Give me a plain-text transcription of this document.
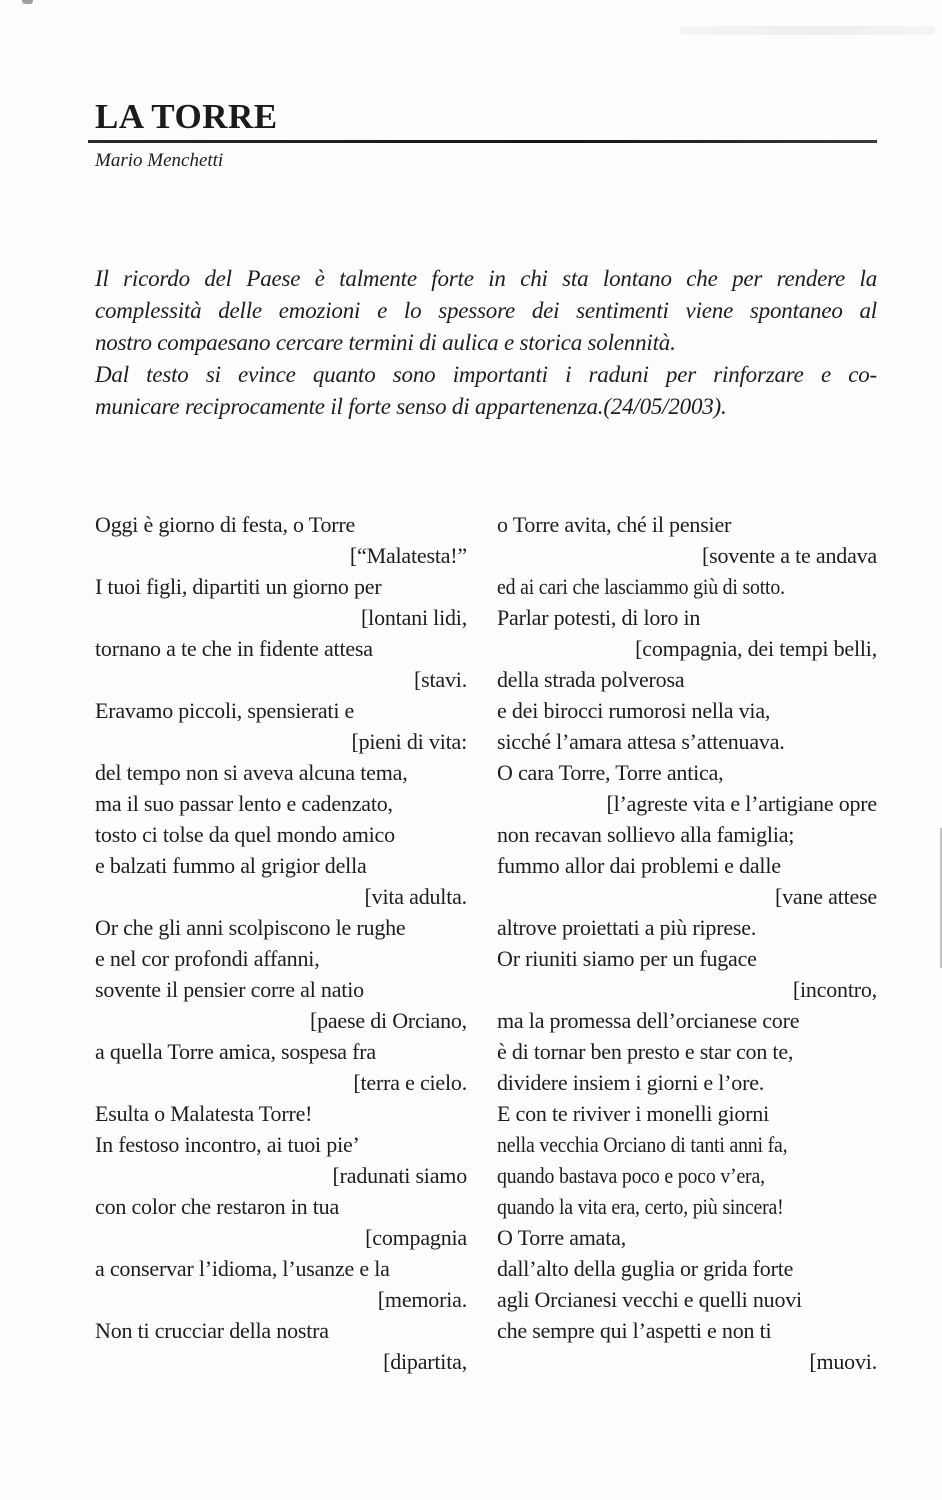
LA TORRE
Mario Menchetti
Il ricordo del Paese è talmente forte in chi sta lontano che per rendere la
complessità delle emozioni e lo spessore dei sentimenti viene spontaneo al
nostro compaesano cercare termini di aulica e storica solennità.
Dal testo si evince quanto sono importanti i raduni per rinforzare e co-
municare reciprocamente il forte senso di appartenenza.(24/05/2003).
Oggi è giorno di festa, o Torre
[“Malatesta!”
I tuoi figli, dipartiti un giorno per
[lontani lidi,
tornano a te che in fidente attesa
[stavi.
Eravamo piccoli, spensierati e
[pieni di vita:
del tempo non si aveva alcuna tema,
ma il suo passar lento e cadenzato,
tosto ci tolse da quel mondo amico
e balzati fummo al grigior della
[vita adulta.
Or che gli anni scolpiscono le rughe
e nel cor profondi affanni,
sovente il pensier corre al natio
[paese di Orciano,
a quella Torre amica, sospesa fra
[terra e cielo.
Esulta o Malatesta Torre!
In festoso incontro, ai tuoi pie’
[radunati siamo
con color che restaron in tua
[compagnia
a conservar l’idioma, l’usanze e la
[memoria.
Non ti crucciar della nostra
[dipartita,
o Torre avita, ché il pensier
[sovente a te andava
ed ai cari che lasciammo giù di sotto.
Parlar potesti, di loro in
[compagnia, dei tempi belli,
della strada polverosa
e dei birocci rumorosi nella via,
sicché l’amara attesa s’attenuava.
O cara Torre, Torre antica,
[l’agreste vita e l’artigiane opre
non recavan sollievo alla famiglia;
fummo allor dai problemi e dalle
[vane attese
altrove proiettati a più riprese.
Or riuniti siamo per un fugace
[incontro,
ma la promessa dell’orcianese core
è di tornar ben presto e star con te,
dividere insiem i giorni e l’ore.
E con te riviver i monelli giorni
nella vecchia Orciano di tanti anni fa,
quando bastava poco e poco v’era,
quando la vita era, certo, più sincera!
O Torre amata,
dall’alto della guglia or grida forte
agli Orcianesi vecchi e quelli nuovi
che sempre qui l’aspetti e non ti
[muovi.
